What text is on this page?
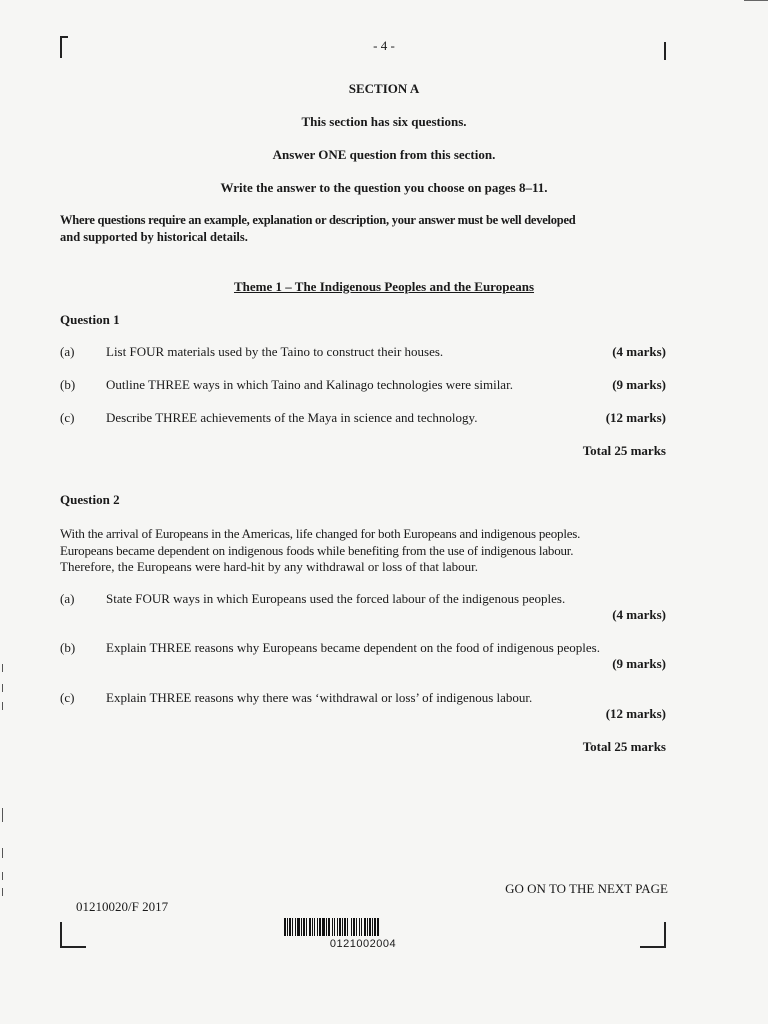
- 4 -
SECTION A
This section has six questions.
Answer ONE question from this section.
Write the answer to the question you choose on pages 8–11.
Where questions require an example, explanation or description, your answer must be well developed
and supported by historical details.
Theme 1 – The Indigenous Peoples and the Europeans
Question 1
(a) List FOUR materials used by the Taino to construct their houses.	(4 marks)
(b) Outline THREE ways in which Taino and Kalinago technologies were similar.	(9 marks)
(c) Describe THREE achievements of the Maya in science and technology.	(12 marks)
Total 25 marks
Question 2
With the arrival of Europeans in the Americas, life changed for both Europeans and indigenous peoples.
Europeans became dependent on indigenous foods while benefiting from the use of indigenous labour.
Therefore, the Europeans were hard-hit by any withdrawal or loss of that labour.
(a) State FOUR ways in which Europeans used the forced labour of the indigenous peoples.
(4 marks)
(b) Explain THREE reasons why Europeans became dependent on the food of indigenous peoples.
(9 marks)
(c) Explain THREE reasons why there was ‘withdrawal or loss’ of indigenous labour.
(12 marks)
Total 25 marks
GO ON TO THE NEXT PAGE
01210020/F 2017
0121002004
